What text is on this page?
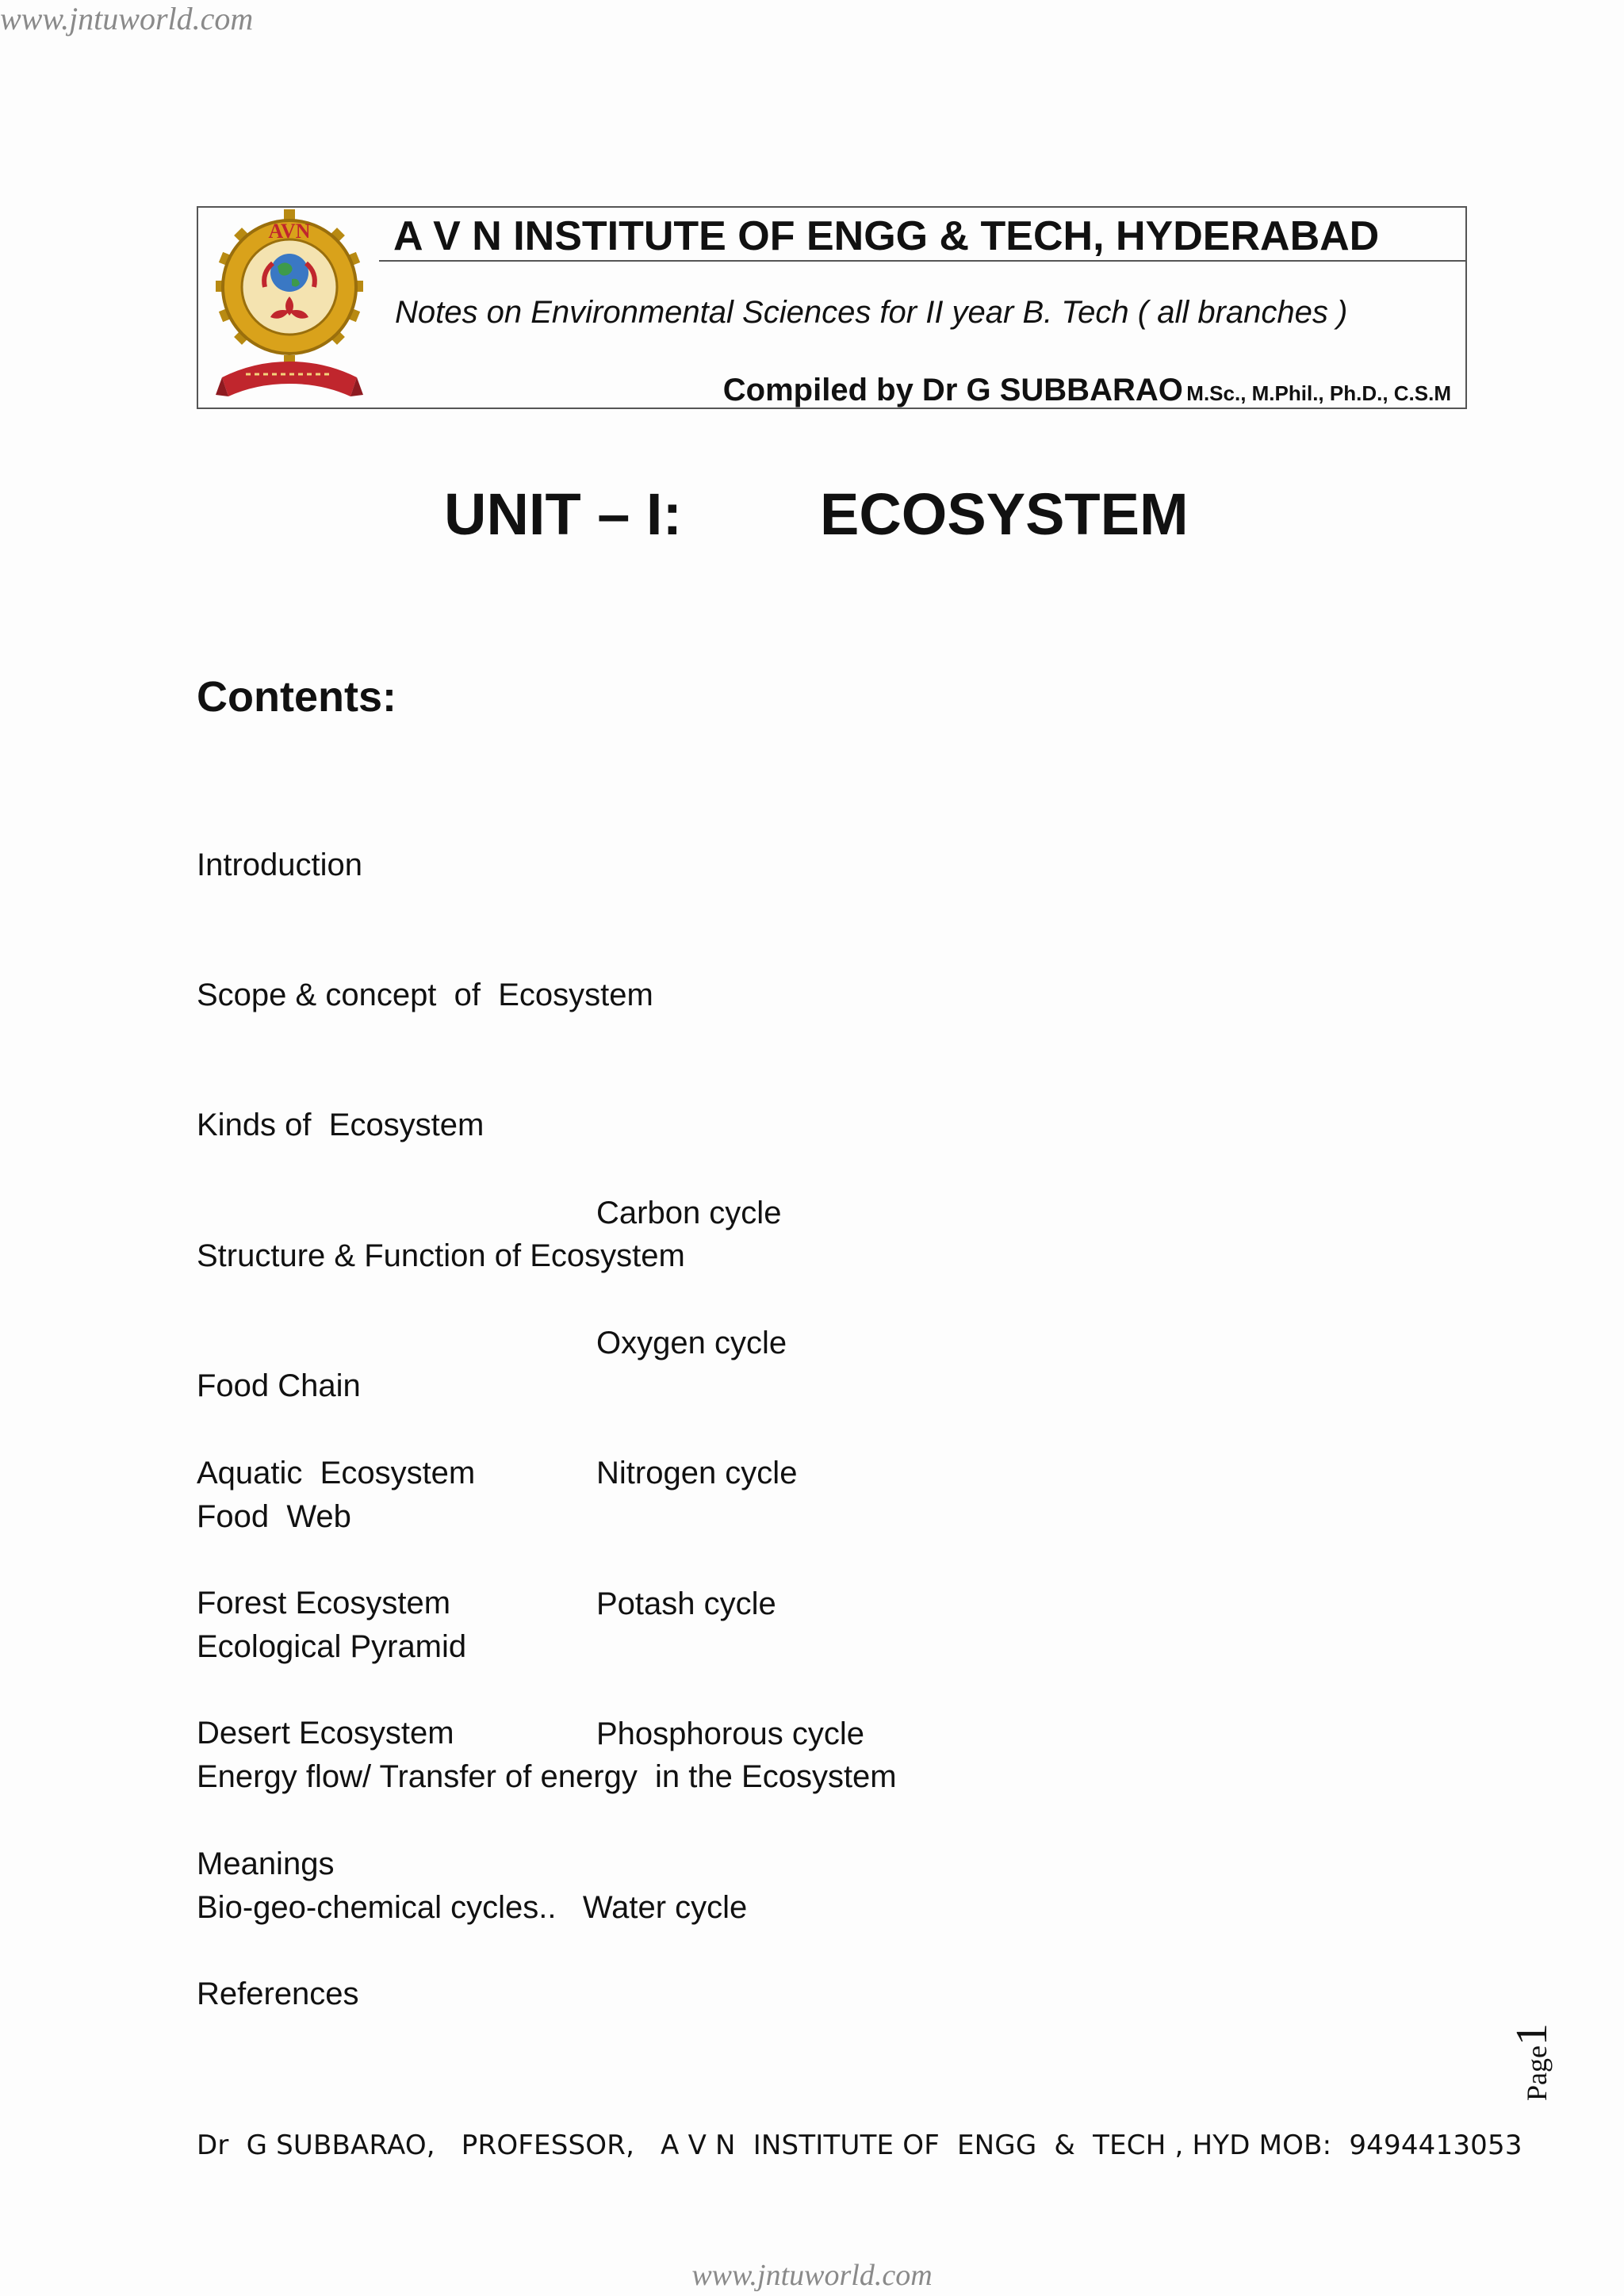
www.jntuworld.com
AVN A V N INSTITUTE OF ENGG & TECH, HYDERABAD
Notes on Environmental Sciences for II year B. Tech ( all branches )
Compiled by Dr G SUBBARAO M.Sc., M.Phil., Ph.D., C.S.M
UNIT – I: ECOSYSTEM
Contents:

Introduction

Scope & concept  of  Ecosystem

Kinds of  Ecosystem

Structure & Function of Ecosystem

Food Chain

Food  Web

Ecological Pyramid

Energy flow/ Transfer of energy  in the Ecosystem

Bio-geo-chemical cycles..   Water cycle

Carbon cycle

Oxygen cycle

Nitrogen cycle

Potash cycle

Phosphorous cycle

Aquatic  Ecosystem

Forest Ecosystem

Desert Ecosystem

Meanings

References

Page1
Dr  G SUBBARAO,   PROFESSOR,   A V N  INSTITUTE OF  ENGG  &  TECH , HYD MOB:  9494413053
www.jntuworld.com
